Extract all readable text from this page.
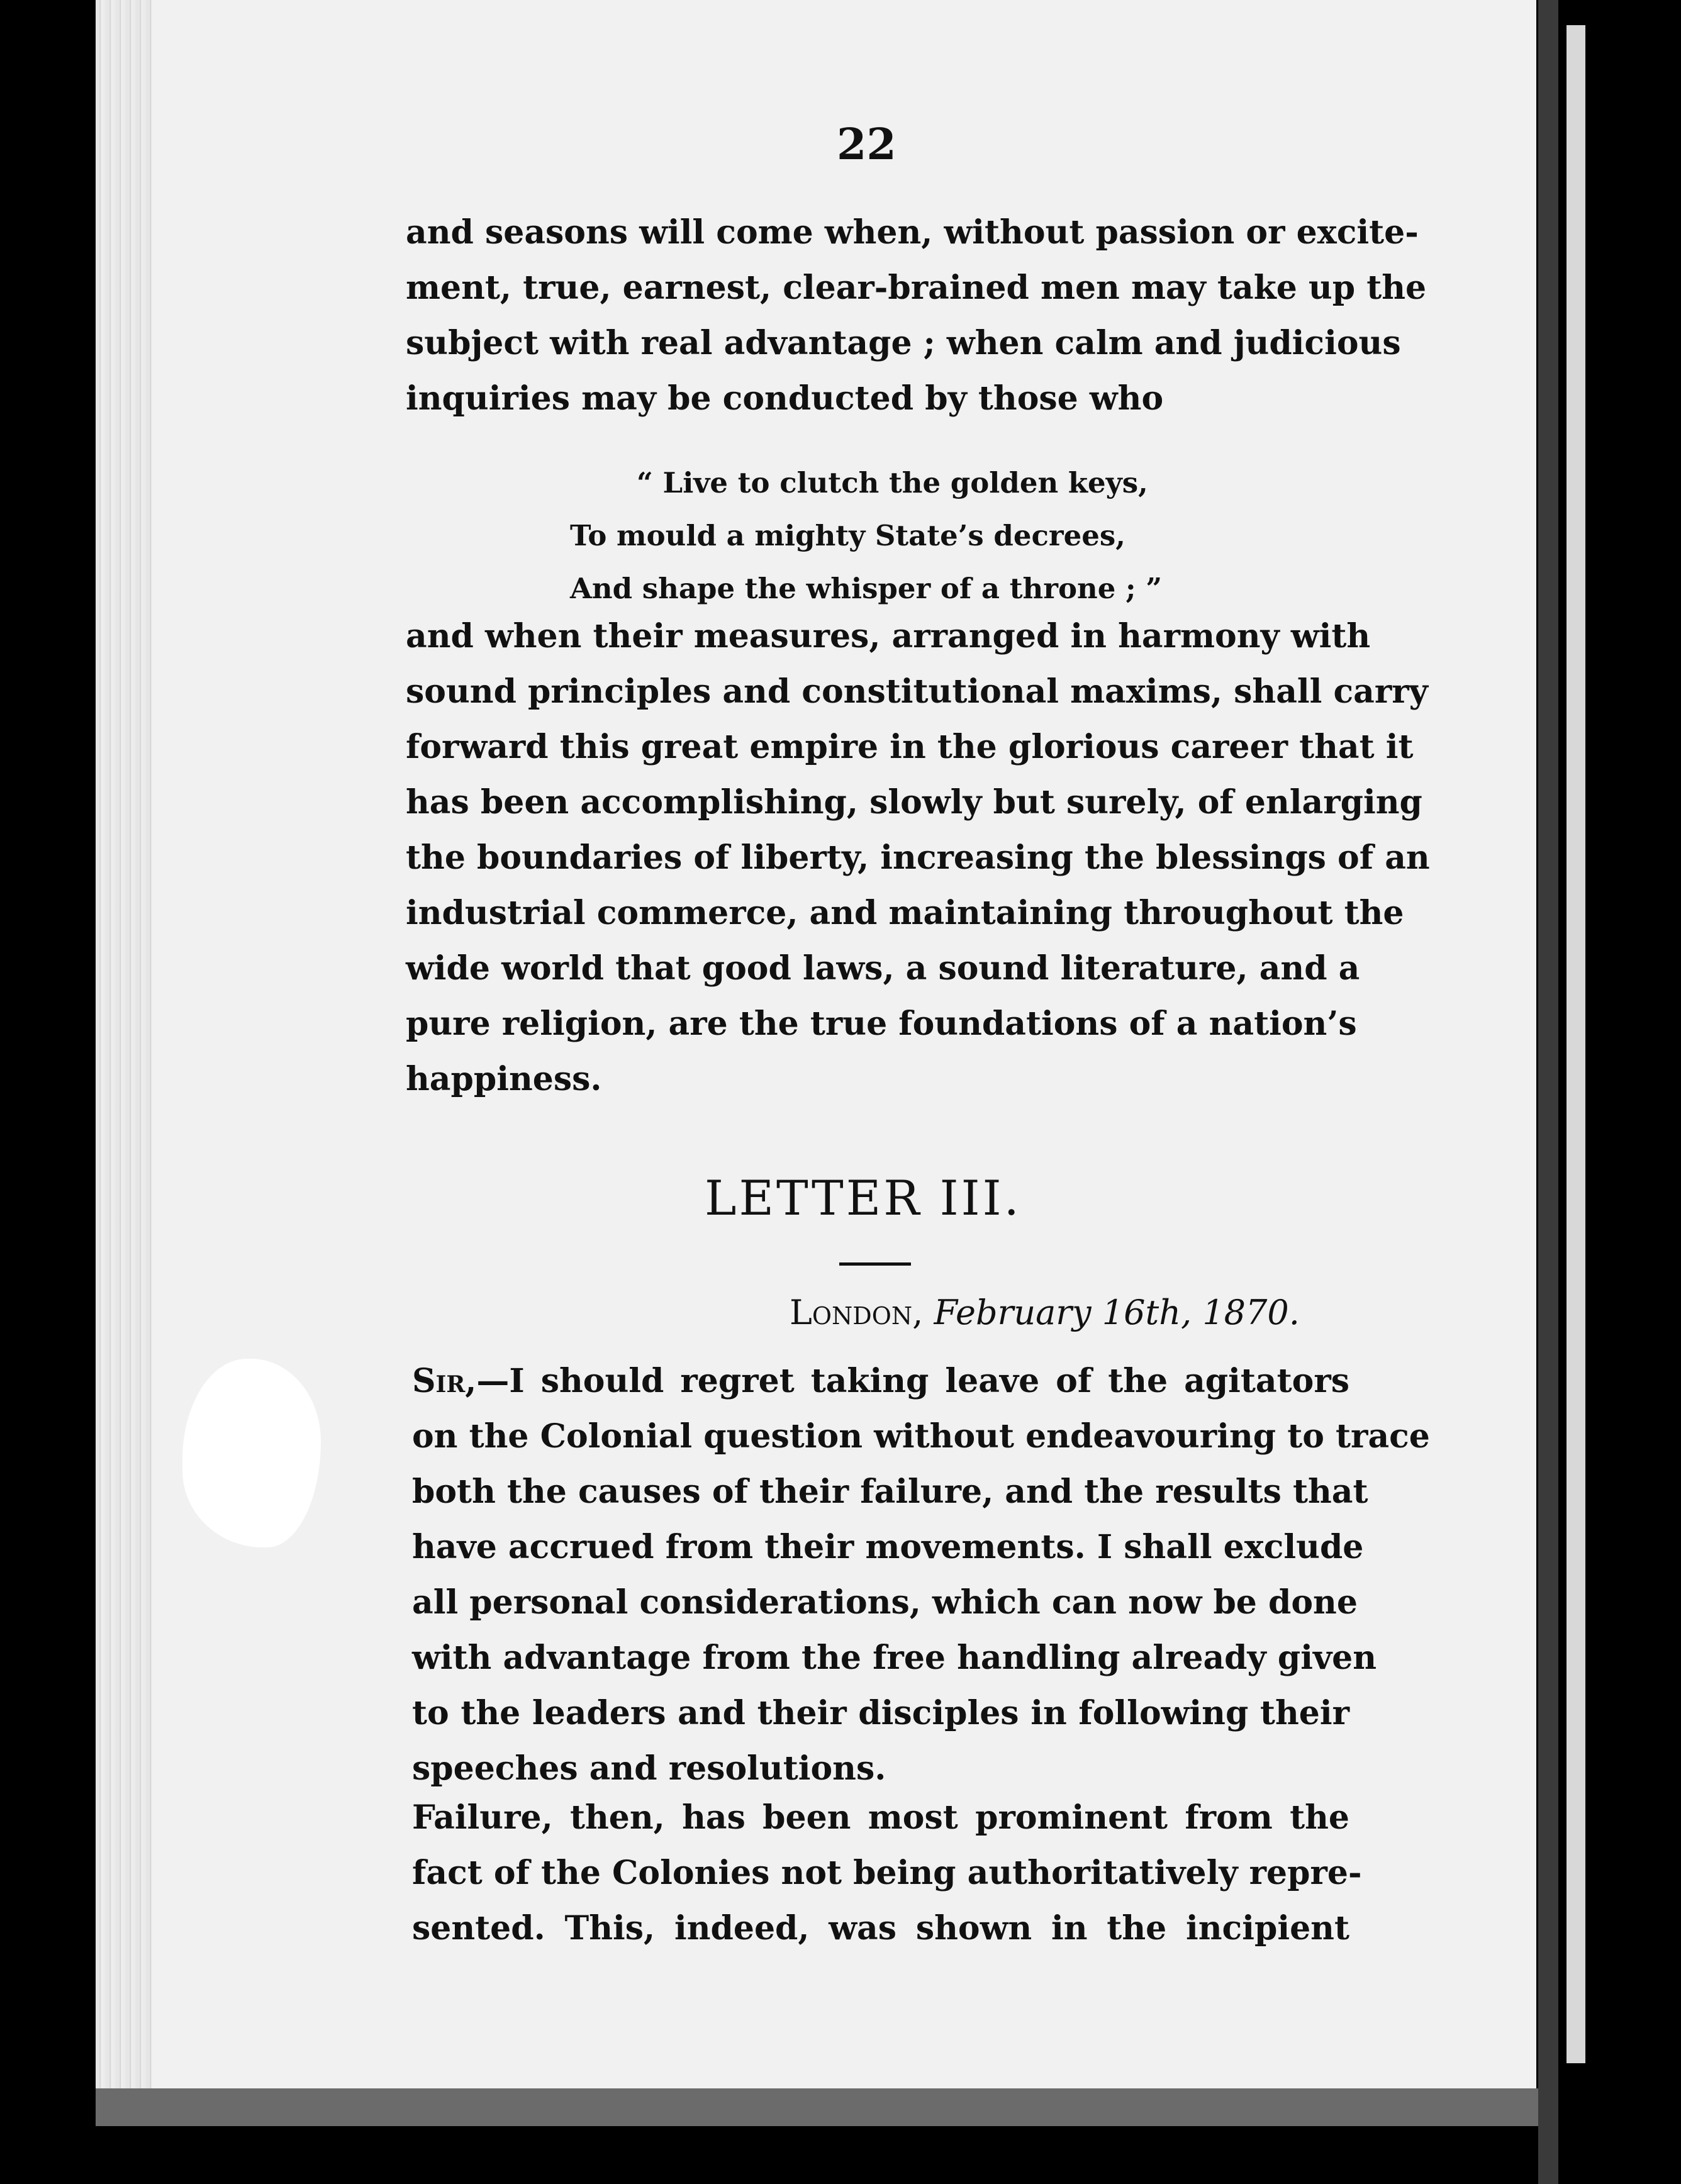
ʃ
22

and seasons will come when, without passion or excite-
ment, true, earnest, clear-brained men may take up the
subject with real advantage ; when calm and judicious
inquiries may be conducted by those who

“ Live to clutch the golden keys,
To mould a mighty State’s decrees,
And shape the whisper of a throne ; ”

and when their measures, arranged in harmony with
sound principles and constitutional maxims, shall carry
forward this great empire in the glorious career that it
has been accomplishing, slowly but surely, of enlarging
the boundaries of liberty, increasing the blessings of an
industrial commerce, and maintaining throughout the
wide world that good laws, a sound literature, and a
pure religion, are the true foundations of a nation’s
happiness.

LETTER III.
London, February 16th, 1870.

Sir,—I should regret taking leave of the agitators
on the Colonial question without endeavouring to trace
both the causes of their failure, and the results that
have accrued from their movements. I shall exclude
all personal considerations, which can now be done
with advantage from the free handling already given
to the leaders and their disciples in following their
speeches and resolutions.

Failure, then, has been most prominent from the
fact of the Colonies not being authoritatively repre-
sented. This, indeed, was shown in the incipient
